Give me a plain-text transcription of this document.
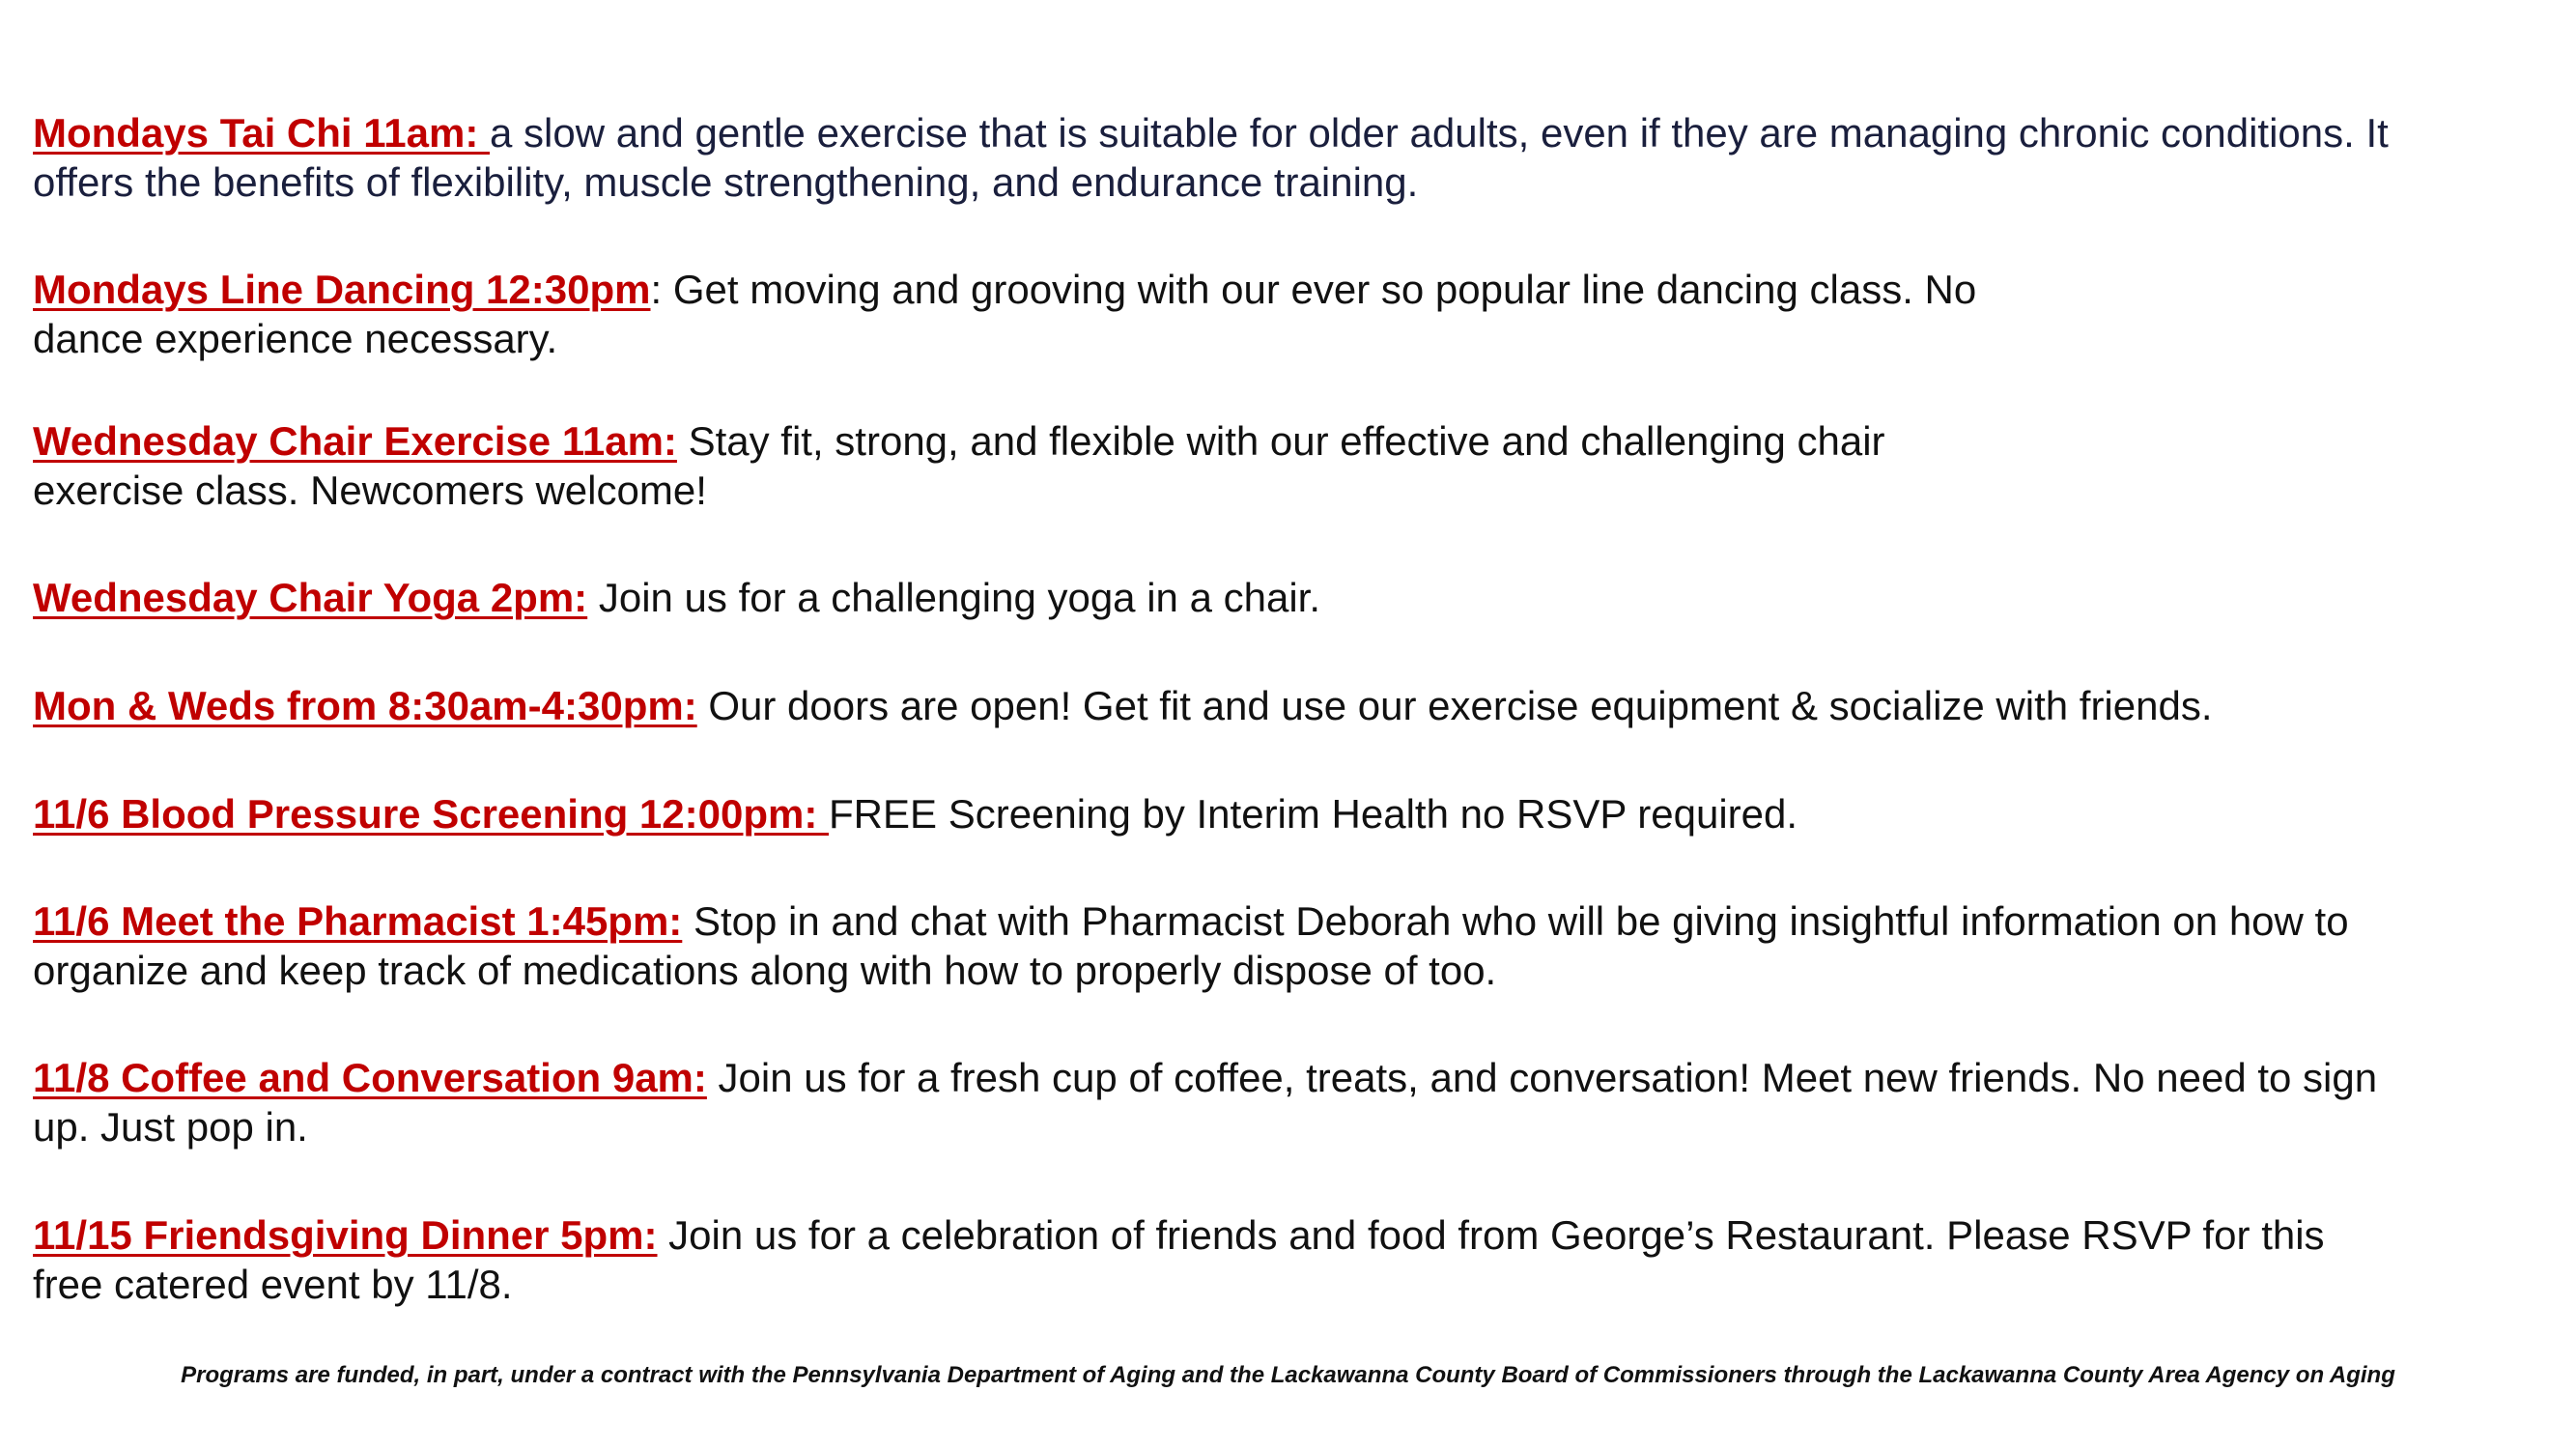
Mondays Tai Chi 11am: a slow and gentle exercise that is suitable for older adults, even if they are managing chronic conditions. It
offers the benefits of flexibility, muscle strengthening, and endurance training.
Mondays Line Dancing 12:30pm: Get moving and grooving with our ever so popular line dancing class. No
dance experience necessary.
Wednesday Chair Exercise 11am: Stay fit, strong, and flexible with our effective and challenging chair
exercise class. Newcomers welcome!
Wednesday Chair Yoga 2pm: Join us for a challenging yoga in a chair.
Mon & Weds from 8:30am-4:30pm: Our doors are open! Get fit and use our exercise equipment & socialize with friends.
11/6 Blood Pressure Screening 12:00pm: FREE Screening by Interim Health no RSVP required.
11/6 Meet the Pharmacist 1:45pm: Stop in and chat with Pharmacist Deborah who will be giving insightful information on how to
organize and keep track of medications along with how to properly dispose of too.
11/8 Coffee and Conversation 9am: Join us for a fresh cup of coffee, treats, and conversation! Meet new friends. No need to sign
up. Just pop in.
11/15 Friendsgiving Dinner 5pm: Join us for a celebration of friends and food from George’s Restaurant. Please RSVP for this
free catered event by 11/8.
Programs are funded, in part, under a contract with the Pennsylvania Department of Aging and the Lackawanna County Board of Commissioners through the Lackawanna County Area Agency on Aging
